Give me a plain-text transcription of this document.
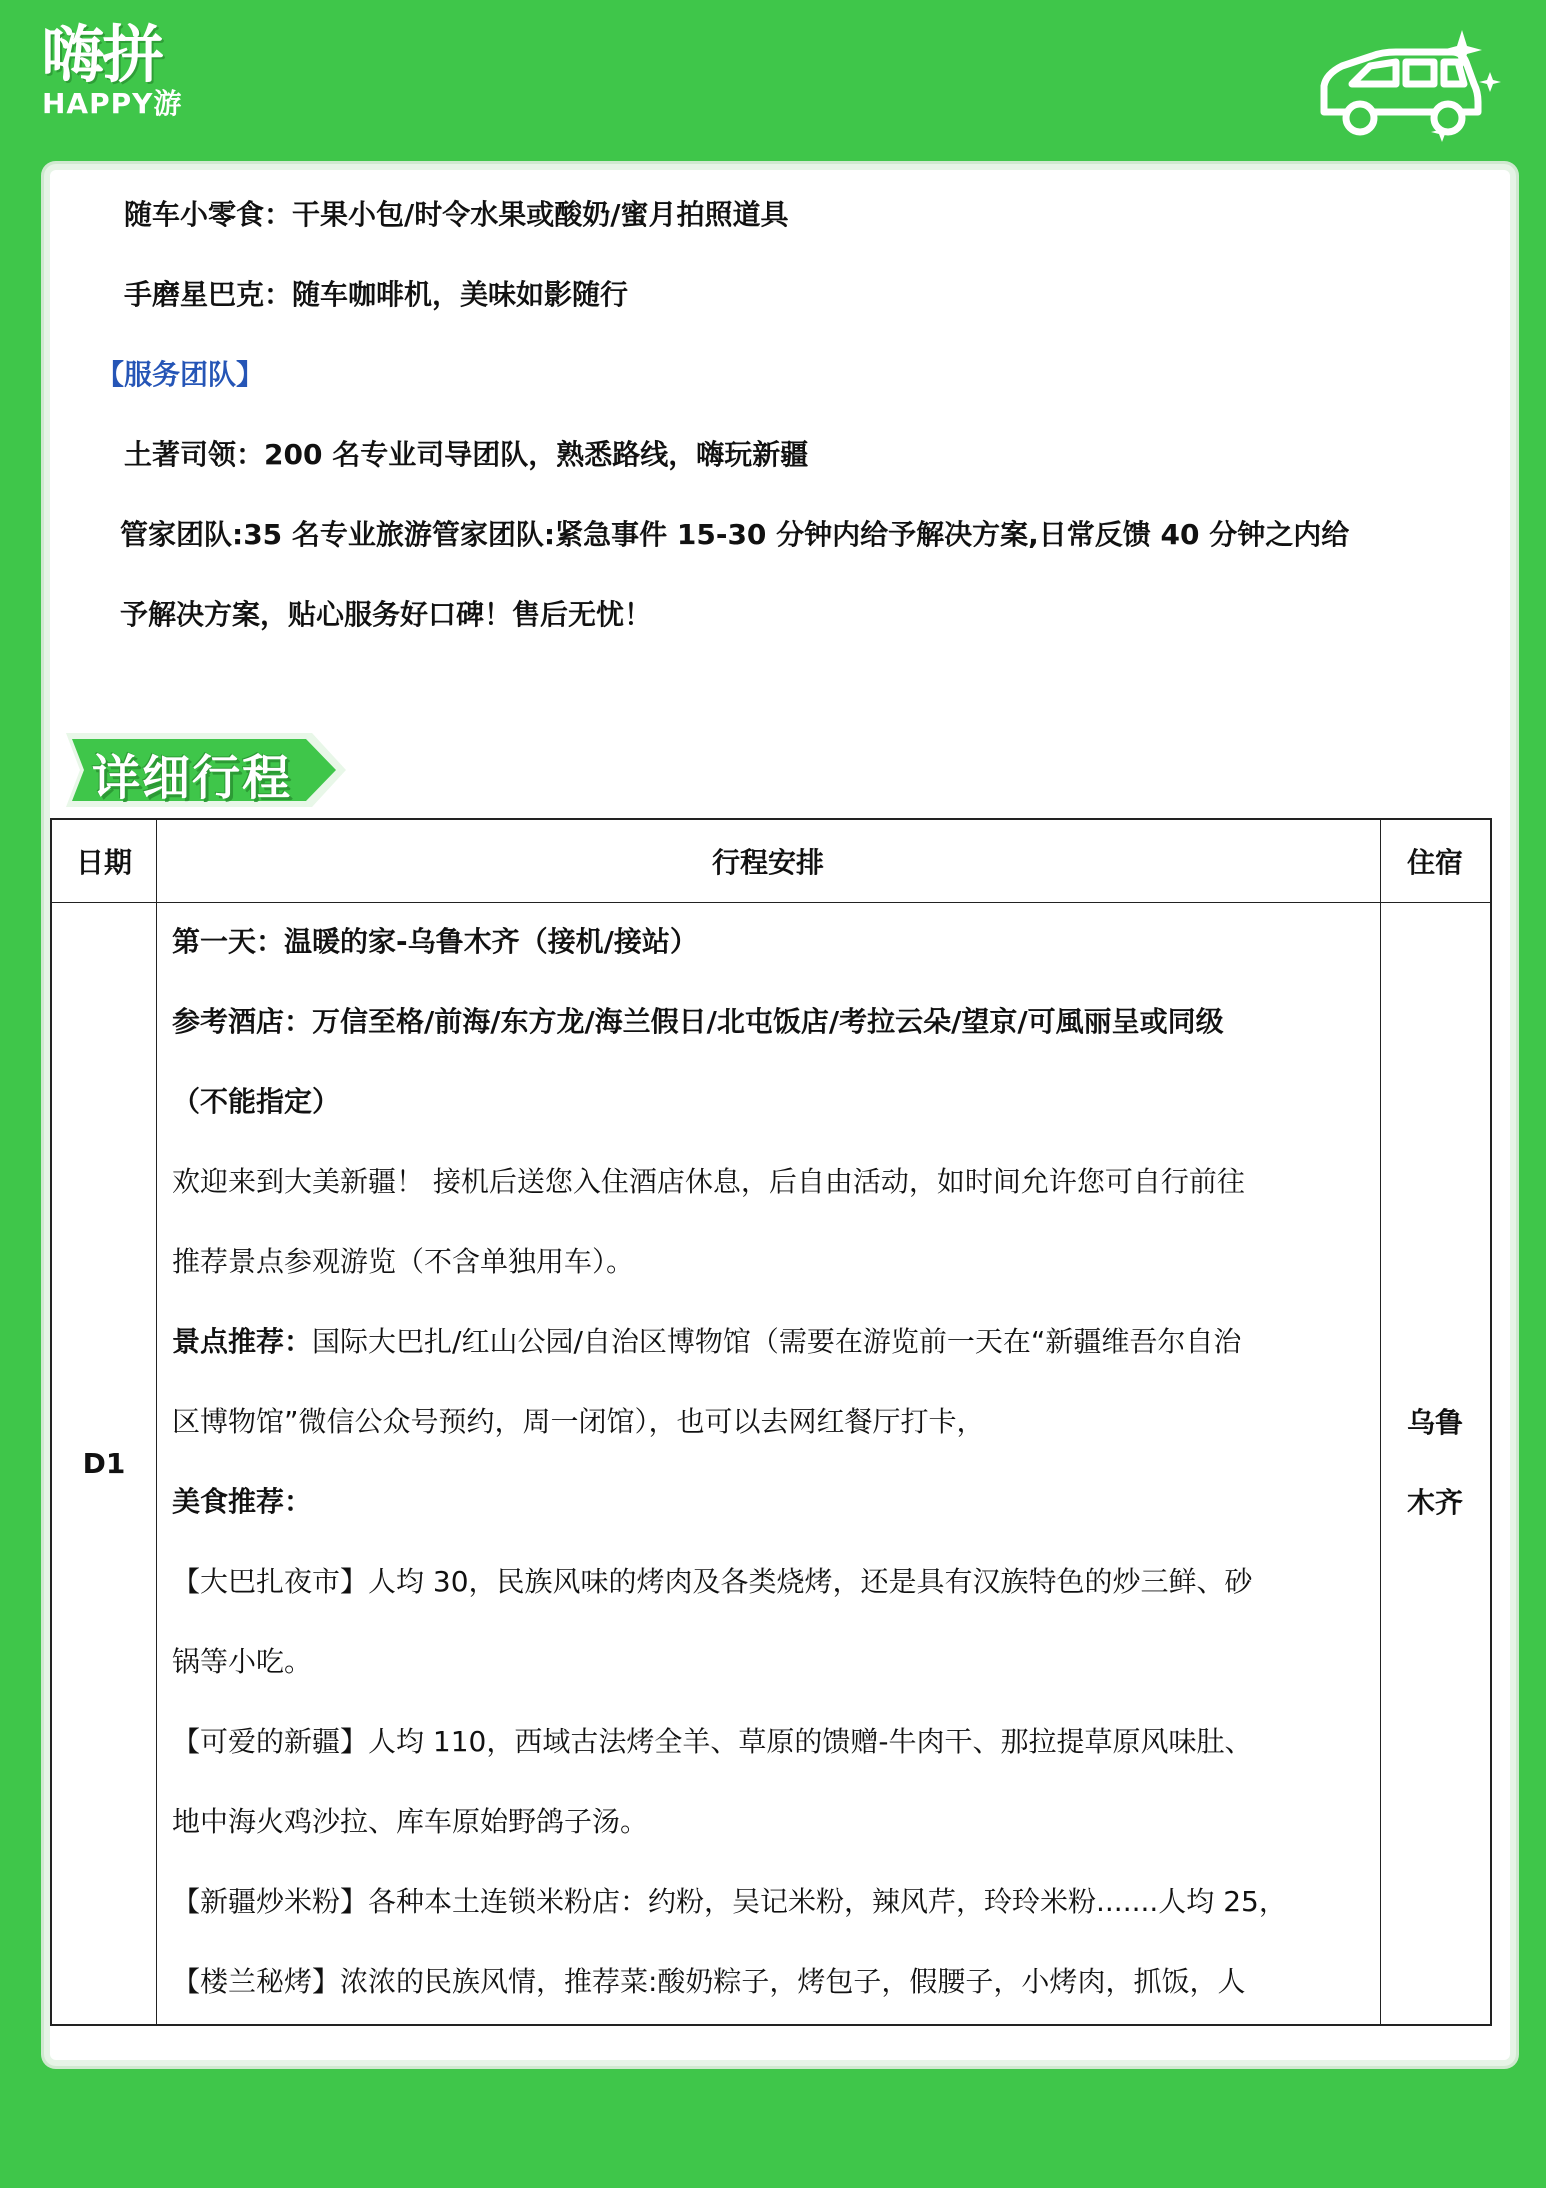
嗨拼
HAPPY游
随车小零食：干果小包/时令水果或酸奶/蜜月拍照道具
手磨星巴克：随车咖啡机，美味如影随行
【服务团队】
土著司领：200 名专业司导团队，熟悉路线，嗨玩新疆
管家团队:35 名专业旅游管家团队:紧急事件 15-30 分钟内给予解决方案,日常反馈 40 分钟之内给
予解决方案，贴心服务好口碑！售后无忧！
详细行程
日期	行程安排	住宿
D1
乌鲁
木齐
第一天：温暖的家-乌鲁木齐（接机/接站）
参考酒店：万信至格/前海/东方龙/海兰假日/北屯饭店/考拉云朵/望京/可風丽呈或同级
（不能指定）
欢迎来到大美新疆！ 接机后送您入住酒店休息，后自由活动，如时间允许您可自行前往
推荐景点参观游览（不含单独用车）。
景点推荐：国际大巴扎/红山公园/自治区博物馆（需要在游览前一天在“新疆维吾尔自治
区博物馆”微信公众号预约，周一闭馆），也可以去网红餐厅打卡，
美食推荐：
【大巴扎夜市】人均 30，民族风味的烤肉及各类烧烤，还是具有汉族特色的炒三鲜、砂
锅等小吃。
【可爱的新疆】人均 110，西域古法烤全羊、草原的馈赠-牛肉干、那拉提草原风味肚、
地中海火鸡沙拉、库车原始野鸽子汤。
【新疆炒米粉】各种本土连锁米粉店：约粉，吴记米粉，辣风芹，玲玲米粉.......人均 25，
【楼兰秘烤】浓浓的民族风情，推荐菜:酸奶粽子，烤包子，假腰子，小烤肉，抓饭，人
